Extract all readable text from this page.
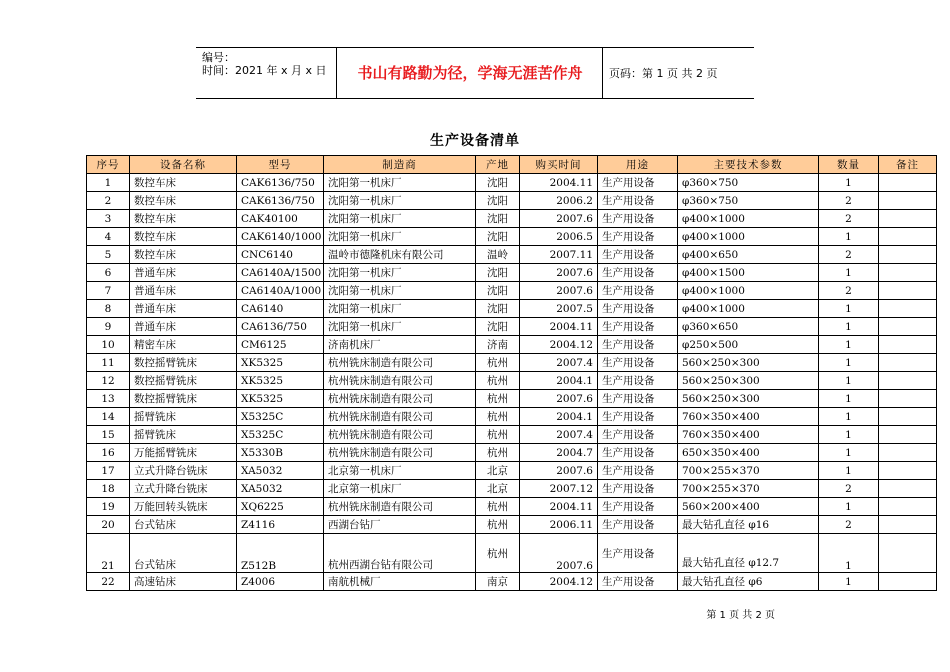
编号：
时间：2021 年 x 月 x 日	书山有路勤为径，学海无涯苦作舟	页码：第 1 页 共 2 页
生产设备清单
序号	设备名称	型号	制造商	产地	购买时间	用途	主要技术参数	数量	备注
1	数控车床	CAK6136/750	沈阳第一机床厂	沈阳	2004.11	生产用设备	φ360×750	1	
2	数控车床	CAK6136/750	沈阳第一机床厂	沈阳	2006.2	生产用设备	φ360×750	2	
3	数控车床	CAK40100	沈阳第一机床厂	沈阳	2007.6	生产用设备	φ400×1000	2	
4	数控车床	CAK6140/1000	沈阳第一机床厂	沈阳	2006.5	生产用设备	φ400×1000	1	
5	数控车床	CNC6140	温岭市德隆机床有限公司	温岭	2007.11	生产用设备	φ400×650	2	
6	普通车床	CA6140A/1500	沈阳第一机床厂	沈阳	2007.6	生产用设备	φ400×1500	1	
7	普通车床	CA6140A/1000	沈阳第一机床厂	沈阳	2007.6	生产用设备	φ400×1000	2	
8	普通车床	CA6140	沈阳第一机床厂	沈阳	2007.5	生产用设备	φ400×1000	1	
9	普通车床	CA6136/750	沈阳第一机床厂	沈阳	2004.11	生产用设备	φ360×650	1	
10	精密车床	CM6125	济南机床厂	济南	2004.12	生产用设备	φ250×500	1	
11	数控摇臂铣床	XK5325	杭州铣床制造有限公司	杭州	2007.4	生产用设备	560×250×300	1	
12	数控摇臂铣床	XK5325	杭州铣床制造有限公司	杭州	2004.1	生产用设备	560×250×300	1	
13	数控摇臂铣床	XK5325	杭州铣床制造有限公司	杭州	2007.6	生产用设备	560×250×300	1	
14	摇臂铣床	X5325C	杭州铣床制造有限公司	杭州	2004.1	生产用设备	760×350×400	1	
15	摇臂铣床	X5325C	杭州铣床制造有限公司	杭州	2007.4	生产用设备	760×350×400	1	
16	万能摇臂铣床	X5330B	杭州铣床制造有限公司	杭州	2004.7	生产用设备	650×350×400	1	
17	立式升降台铣床	XA5032	北京第一机床厂	北京	2007.6	生产用设备	700×255×370	1	
18	立式升降台铣床	XA5032	北京第一机床厂	北京	2007.12	生产用设备	700×255×370	2	
19	万能回转头铣床	XQ6225	杭州铣床制造有限公司	杭州	2004.11	生产用设备	560×200×400	1	
20	台式钻床	Z4116	西湖台钻厂	杭州	2006.11	生产用设备	最大钻孔直径 φ16	2	
21	台式钻床	Z512B	杭州西湖台钻有限公司	杭州	2007.6	生产用设备	最大钻孔直径 φ12.7	1	
22	高速钻床	Z4006	南航机械厂	南京	2004.12	生产用设备	最大钻孔直径 φ6	1	
第 1 页 共 2 页
